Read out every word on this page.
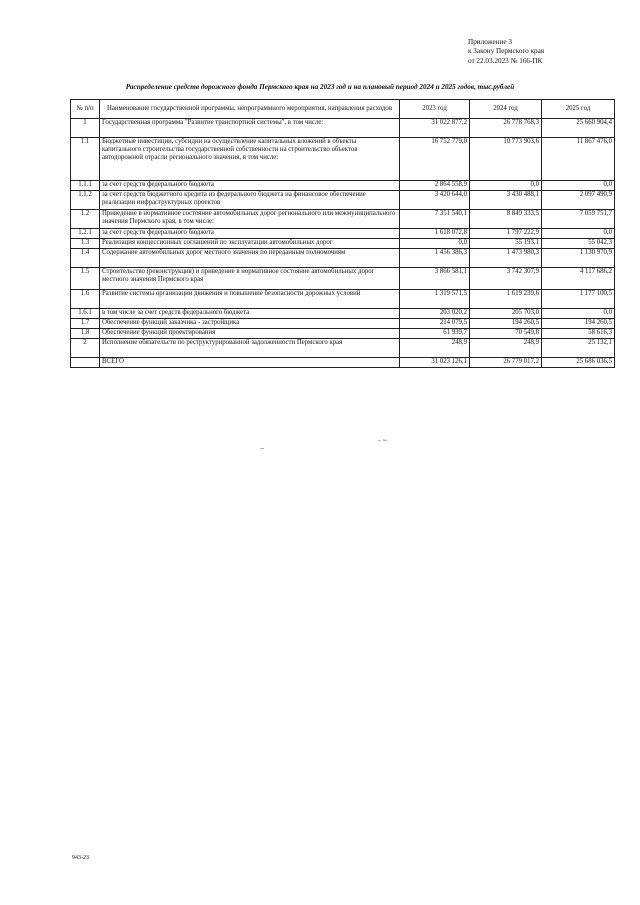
Приложение 3
к Закону Пермского края
от 22.03.2023 № 166-ПК
Распределение средств дорожного фонда Пермского края на 2023 год и на плановый период 2024 и 2025 годов, тыс.рублей
№ п/п	Наименование государственной программы, непрограммного мероприятия, направления расходов	2023 год	2024 год	2025 год
1	Государственная программа "Развитие транспортной системы", в том числе:	31 022 877,2	26 778 768,3	25 660 904,4
1.1	Бюджетные инвестиции, субсидии на осуществление капитальных вложений в объекты капитального строительства государственной собственности на строительство объектов автодорожной отрасли регионального значения, в том числе:	16 752 779,0	10 773 903,6	11 867 476,0
1.1.1	за счет средств федерального бюджета	2 864 558,9	0,0	0,0
1.1.2	за счет средств бюджетного кредита из федерального бюджета на финансовое обеспечение реализации инфраструктурных проектов	3 420 644,0	3 430 488,1	2 097 490,9
1.2	Приведение в нормативное состояние автомобильных дорог регионального или межмуниципального значения Пермского края, в том числе:	7 351 540,1	8 849 333,5	7 059 751,7
1.2.1	за счет средств федерального бюджета	1 618 072,8	1 797 222,9	0,0
1.3	Реализация концессионных соглашений по эксплуатации автомобильных дорог	0,0	55 193,1	55 042,3
1.4	Содержание автомобильных дорог местного значения по переданным полномочиям	1 456 386,3	1 473 980,3	1 130 970,9
1.5	Строительство (реконструкция) и приведение в нормативное состояние автомобильных дорог местного значения Пермского края	3 866 581,1	3 742 307,9	4 117 686,2
1.6	Развитие системы организации движения и повышение безопасности дорожных условий	1 319 571,5	1 619 239,6	1 177 100,5
1.6.1	в том числе за счет средств федерального бюджета	203 020,2	205 703,0	0,0
1.7	Обеспечение функций заказчика - застройщика	214 079,5	194 260,5	194 260,5
1.8	Обеспечение функций проектирования	61 939,7	70 549,8	58 616,3
2	Исполнение обязательств по реструктурированной задолженности Пермского края	248,9	248,9	25 132,1
	ВСЕГО	31 023 126,1	26 779 017,2	25 686 036,5
–
- ~
943-23
